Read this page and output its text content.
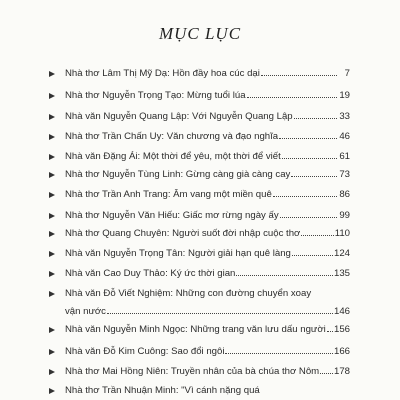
MỤC LỤC
Nhà thơ Lâm Thị Mỹ Dạ: Hồn đầy hoa cúc dại	7
Nhà thơ Nguyễn Trọng Tạo: Mừng tuổi lúa	19
Nhà văn Nguyễn Quang Lập: Với Nguyễn Quang Lập	33
Nhà thơ Trần Chấn Uy: Văn chương và đạo nghĩa	46
Nhà văn Đặng Ái: Một thời để yêu, một thời để viết	61
Nhà thơ Nguyễn Tùng Linh: Gừng càng già càng cay	73
Nhà thơ Trần Anh Trang: Âm vang một miền quê	86
Nhà thơ Nguyễn Văn Hiếu: Giấc mơ rừng ngày ấy	99
Nhà thơ Quang Chuyên: Người suốt đời nhập cuộc thơ	110
Nhà văn Nguyễn Trọng Tân: Người giải hạn quê làng	124
Nhà văn Cao Duy Thảo: Ký ức thời gian	135
Nhà văn Đỗ Viết Nghiệm: Những con đường chuyển xoay
vận nước	146
Nhà văn Nguyễn Minh Ngọc: Những trang văn lưu dấu người 156
Nhà văn Đỗ Kim Cuông: Sao đổi ngôi	166
Nhà thơ Mai Hồng Niên: Truyền nhân của bà chúa thơ Nôm 178
Nhà thơ Trần Nhuận Minh: "Vì cánh nặng quá
